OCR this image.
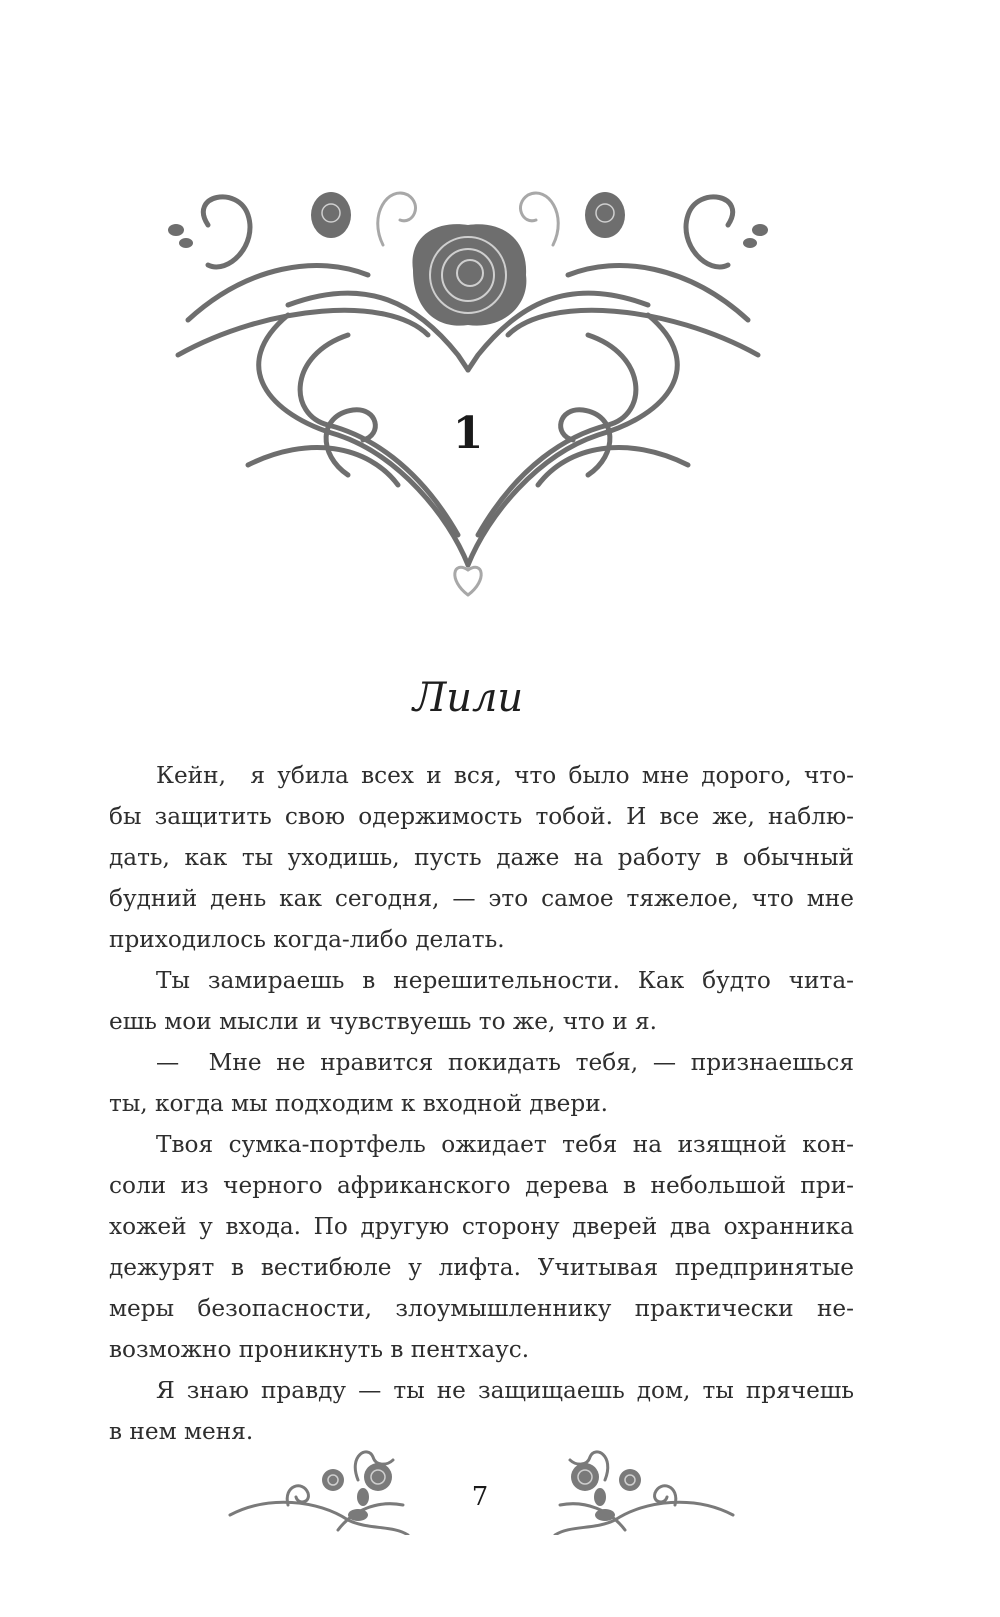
1
Лили
Кейн,  я убила всех и вся, что было мне дорого, что-
бы защитить свою одержимость тобой. И все же, наблю-
дать, как ты уходишь, пусть даже на работу в обычный
будний день как сегодня, — это самое тяжелое, что мне
приходилось когда-либо делать.
Ты замираешь в нерешительности. Как будто чита-
ешь мои мысли и чувствуешь то же, что и я.
—  Мне не нравится покидать тебя, — признаешься
ты, когда мы подходим к входной двери.
Твоя сумка-портфель ожидает тебя на изящной кон-
соли из черного африканского дерева в небольшой при-
хожей у входа. По другую сторону дверей два охранника
дежурят в вестибюле у лифта. Учитывая предпринятые
меры безопасности, злоумышленнику практически не-
возможно проникнуть в пентхаус.
Я знаю правду — ты не защищаешь дом, ты прячешь
в нем меня.
7
